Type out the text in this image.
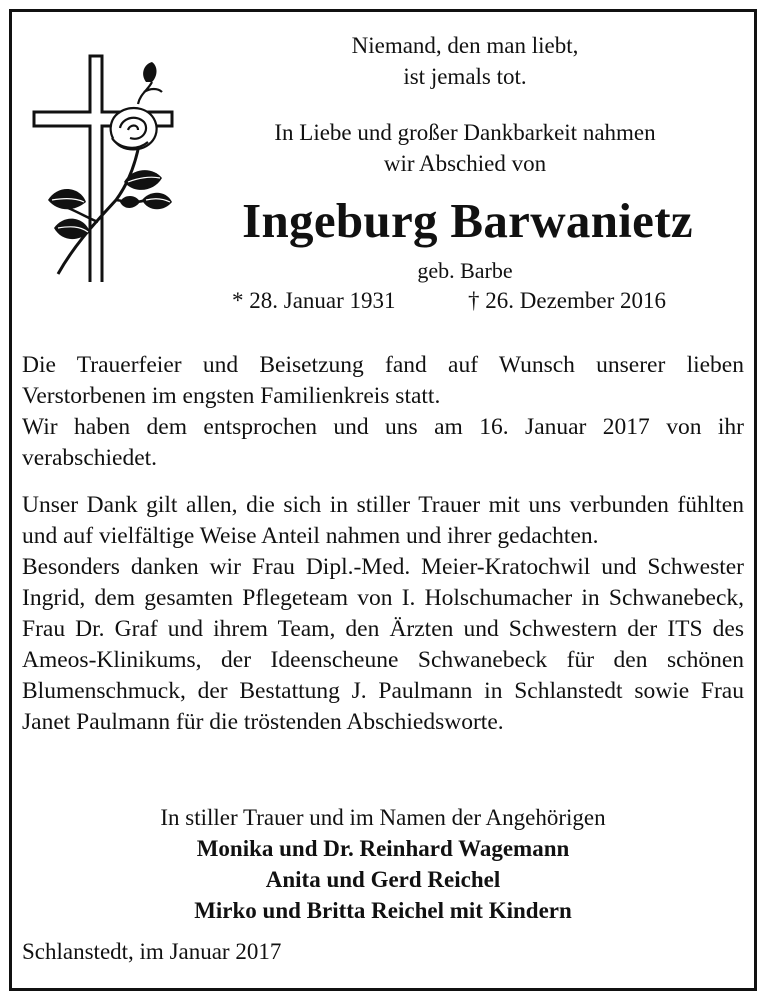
Niemand, den man liebt,
ist jemals tot.
In Liebe und großer Dankbarkeit nahmen
wir Abschied von
Ingeburg Barwanietz
geb. Barbe
* 28. Januar 1931	† 26. Dezember 2016

Die Trauerfeier und Beisetzung fand auf Wunsch unserer lieben Verstorbenen im engsten Familienkreis statt.

Wir haben dem entsprochen und uns am 16. Januar 2017 von ihr verabschiedet.

Unser Dank gilt allen, die sich in stiller Trauer mit uns verbunden fühlten und auf vielfältige Weise Anteil nahmen und ihrer gedachten.

Besonders danken wir Frau Dipl.-Med. Meier-Kratochwil und Schwester Ingrid, dem gesamten Pflegeteam von I. Holschumacher in Schwanebeck, Frau Dr. Graf und ihrem Team, den Ärzten und Schwestern der ITS des Ameos-Klinikums, der Ideenscheune Schwanebeck für den schönen Blumenschmuck, der Bestattung J. Paulmann in Schlanstedt sowie Frau Janet Paulmann für die tröstenden Abschiedsworte.

In stiller Trauer und im Namen der Angehörigen
Monika und Dr. Reinhard Wagemann
Anita und Gerd Reichel
Mirko und Britta Reichel mit Kindern
Schlanstedt, im Januar 2017
